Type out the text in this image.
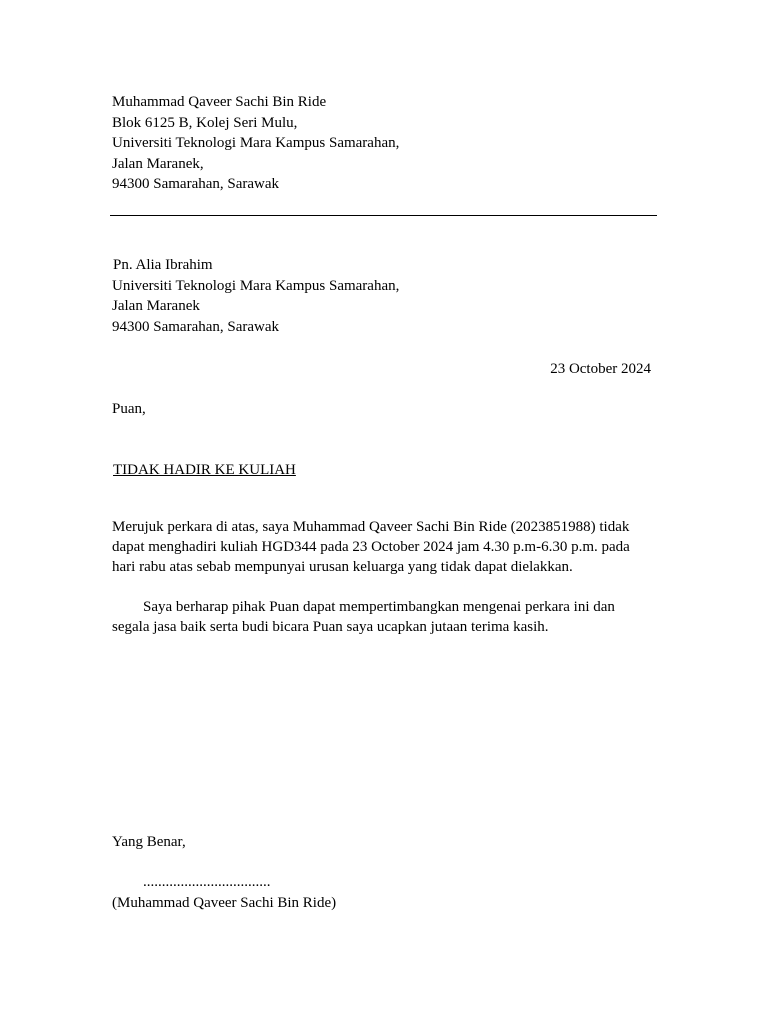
Muhammad Qaveer Sachi Bin Ride
Blok 6125 B, Kolej Seri Mulu,
Universiti Teknologi Mara Kampus Samarahan,
Jalan Maranek,
94300 Samarahan, Sarawak
Pn. Alia Ibrahim
Universiti Teknologi Mara Kampus Samarahan,
Jalan Maranek
94300 Samarahan, Sarawak
23 October 2024
Puan,
TIDAK HADIR KE KULIAH
Merujuk perkara di atas, saya Muhammad Qaveer Sachi Bin Ride (2023851988) tidak dapat menghadiri kuliah HGD344 pada 23 October 2024 jam 4.30 p.m-6.30 p.m. pada hari rabu atas sebab mempunyai urusan keluarga yang tidak dapat dielakkan.
Saya berharap pihak Puan dapat mempertimbangkan mengenai perkara ini dan segala jasa baik serta budi bicara Puan saya ucapkan jutaan terima kasih.
Yang Benar,
..................................
(Muhammad Qaveer Sachi Bin Ride)
